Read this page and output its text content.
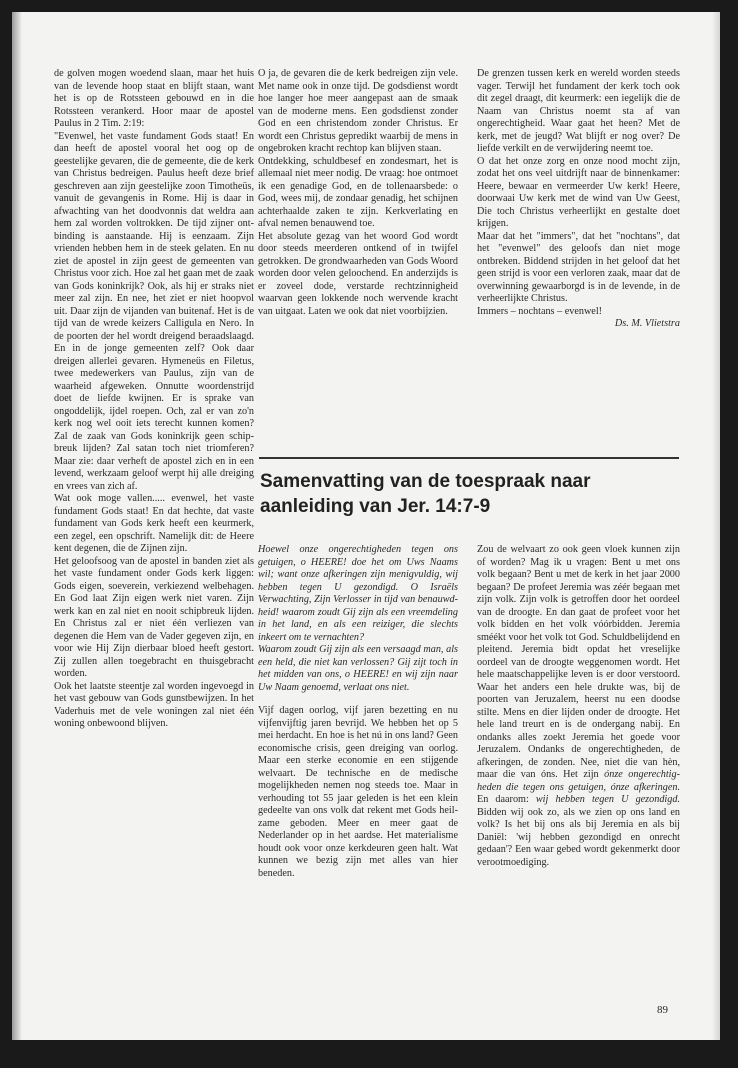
de golven mogen woedend slaan, maar het huis van de levende hoop staat en blijft staan, want het is op de Rotssteen gebouwd en in die Rotssteen verankerd. Hoor maar de apostel Paulus in 2 Tim. 2:19:

"Evenwel, het vaste fundament Gods staat! En dan heeft de apostel vooral het oog op de geestelijke gevaren, die de gemeente, die de kerk van Christus bedreigen. Paulus heeft deze brief geschreven aan zijn geestelijke zoon Timotheüs, vanuit de gevangenis in Rome. Hij is daar in afwachting van het doodvonnis dat weldra aan hem zal worden voltrokken. De tijd zijner ontbinding is aanstaande. Hij is eenzaam. Zijn vrienden hebben hem in de steek gelaten. En nu ziet de apostel in zijn geest de gemeenten van Christus voor zich. Hoe zal het gaan met de zaak van Gods koninkrijk? Ook, als hij er straks niet meer zal zijn. En nee, het ziet er niet hoopvol uit. Daar zijn de vijanden van buitenaf. Het is de tijd van de wrede keizers Calligula en Nero. In de poorten der hel wordt dreigend beraadslaagd. En in de jonge gemeenten zelf? Ook daar dreigen allerlei gevaren. Hymeneüs en Filetus, twee medewerkers van Paulus, zijn van de waarheid afgeweken. Onnutte woordenstrijd doet de liefde kwijnen. Er is sprake van ongoddelijk, ijdel roepen. Och, zal er van zo'n kerk nog wel ooit iets terecht kunnen komen? Zal de zaak van Gods koninkrijk geen schipbreuk lijden? Zal satan toch niet triomferen? Maar zie: daar verheft de apostel zich en in een levend, werkzaam geloof werpt hij alle dreiging en vrees van zich af.

Wat ook moge vallen..... evenwel, het vaste fundament Gods staat! En dat hechte, dat vaste fundament van Gods kerk heeft een keurmerk, een zegel, een opschrift. Namelijk dit: de Heere kent degenen, die de Zijnen zijn.

Het geloofsoog van de apostel in banden ziet als het vaste fundament onder Gods kerk liggen: Gods eigen, soeverein, verkiezend welbehagen. En God laat Zijn eigen werk niet varen. Zijn werk kan en zal niet en nooit schipbreuk lijden. En Christus zal er niet één verliezen van degenen die Hem van de Vader gegeven zijn, en voor wie Hij Zijn dierbaar bloed heeft gestort. Zij zullen allen toegebracht en thuisgebracht worden.

Ook het laatste steentje zal worden ingevoegd in het vast gebouw van Gods gunstbewijzen. In het Vaderhuis met de vele woningen zal niet één woning onbewoond blijven.

O ja, de gevaren die de kerk bedreigen zijn vele. Met name ook in onze tijd. De godsdienst wordt hoe langer hoe meer aangepast aan de smaak van de moderne mens. Een godsdienst zonder God en een christendom zonder Christus. Er wordt een Christus gepredikt waarbij de mens in ongebroken kracht rechtop kan blijven staan.

Ontdekking, schuldbesef en zondesmart, het is allemaal niet meer nodig. De vraag: hoe ontmoet ik een genadige God, en de tollenaarsbede: o God, wees mij, de zondaar genadig, het schijnen achterhaalde zaken te zijn. Kerkverlating en afval nemen benauwend toe.

Het absolute gezag van het woord God wordt door steeds meerderen ontkend of in twijfel getrokken. De grondwaarheden van Gods Woord worden door velen geloochend. En anderzijds is er zoveel dode, verstarde rechtzinnigheid waarvan geen lokkende noch wervende kracht van uitgaat. Laten we ook dat niet voorbijzien.

De grenzen tussen kerk en wereld worden steeds vager. Terwijl het fundament der kerk toch ook dit zegel draagt, dit keurmerk: een iegelijk die de Naam van Christus noemt sta af van ongerechtigheid. Waar gaat het heen? Met de kerk, met de jeugd? Wat blijft er nog over? De liefde verkilt en de verwijdering neemt toe.

O dat het onze zorg en onze nood mocht zijn, zodat het ons veel uitdrijft naar de binnenkamer: Heere, bewaar en vermeerder Uw kerk! Heere, doorwaai Uw kerk met de wind van Uw Geest, Die toch Christus verheerlijkt en gestalte doet krijgen.

Maar dat het "immers", dat het "nochtans", dat het "evenwel" des geloofs dan niet moge ontbreken. Biddend strijden in het geloof dat het geen strijd is voor een verloren zaak, maar dat de overwinning gewaarborgd is in de levende, in de verheerlijkte Christus.

Immers – nochtans – evenwel!

Ds. M. Vlietstra

Samenvatting van de toespraak naar aanleiding van Jer. 14:7-9

Hoewel onze ongerechtigheden tegen ons getuigen, o HEERE! doe het om Uws Naams wil; want onze afkeringen zijn menigvuldig, wij hebben tegen U gezondigd. O Israëls Verwachting, Zijn Verlosser in tijd van benauwdheid! waarom zoudt Gij zijn als een vreemdeling in het land, en als een reiziger, die slechts inkeert om te vernachten?

Waarom zoudt Gij zijn als een versaagd man, als een held, die niet kan verlossen? Gij zijt toch in het midden van ons, o HEERE! en wij zijn naar Uw Naam genoemd, verlaat ons niet.

Vijf dagen oorlog, vijf jaren bezetting en nu vijfenvijftig jaren bevrijd. We hebben het op 5 mei herdacht. En hoe is het nú in ons land? Geen economische crisis, geen dreiging van oorlog. Maar een sterke economie en een stijgende welvaart. De technische en de medische mogelijkheden nemen nog steeds toe. Maar in verhouding tot 55 jaar geleden is het een klein gedeelte van ons volk dat rekent met Gods heilzame geboden. Meer en meer gaat de Nederlander op in het aardse. Het materialisme houdt ook voor onze kerkdeuren geen halt. Wat kunnen we bezig zijn met alles van hier beneden.

Zou de welvaart zo ook geen vloek kunnen zijn of worden? Mag ik u vragen: Bent u met ons volk begaan? Bent u met de kerk in het jaar 2000 begaan? De profeet Jeremia was zéér begaan met zijn volk. Zijn volk is getroffen door het oordeel van de droogte. En dan gaat de profeet voor het volk bidden en het volk vóórbidden. Jeremia sméékt voor het volk tot God. Schuldbelijdend en pleitend. Jeremia bidt opdat het vreselijke oordeel van de droogte weggenomen wordt. Het hele maatschappelijke leven is er door verstoord. Waar het anders een hele drukte was, bij de poorten van Jeruzalem, heerst nu een doodse stilte. Mens en dier lijden onder de droogte. Het hele land treurt en is de ondergang nabij. En ondanks alles zoekt Jeremia het goede voor Jeruzalem. Ondanks de ongerechtigheden, de afkeringen, de zonden. Nee, niet die van hèn, maar die van óns. Het zijn ónze ongerechtigheden die tegen ons getuigen, ónze afkeringen. En daarom: wij hebben tegen U gezondigd. Bidden wij ook zo, als we zien op ons land en volk? Is het bij ons als bij Jeremia en als bij Daniël: 'wij hebben gezondigd en onrecht gedaan'? Een waar gebed wordt gekenmerkt door verootmoediging.

89
